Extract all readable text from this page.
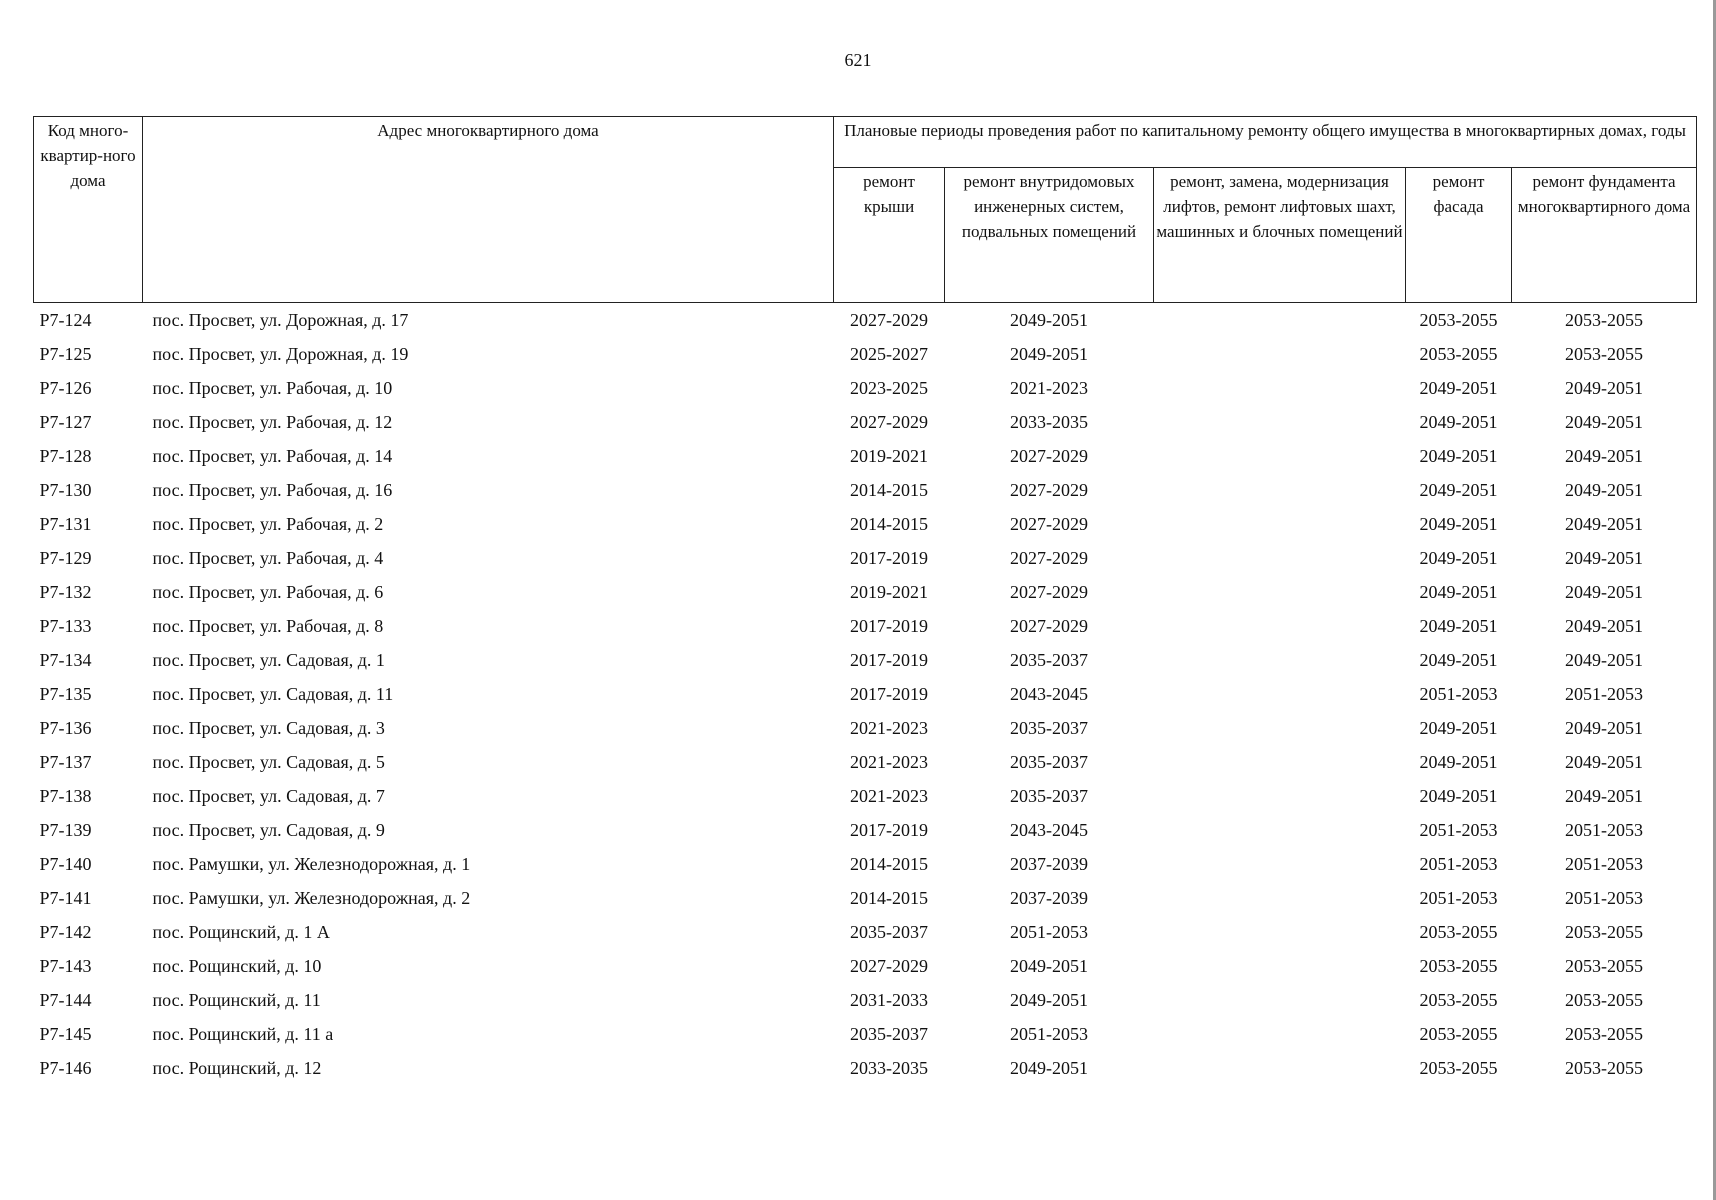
621
Код много-квартир-ного дома	Адрес многоквартирного дома	Плановые периоды проведения работ по капитальному ремонту общего имущества в многоквартирных домах, годы				
		ремонт крыши	ремонт внутридомовых инженерных систем, подвальных помещений	ремонт, замена, модернизация лифтов, ремонт лифтовых шахт, машинных и блочных помещений	ремонт фасада	ремонт фундамента многоквартирного дома
P7-124	пос. Просвет, ул. Дорожная, д. 17	2027-2029	2049-2051		2053-2055	2053-2055
P7-125	пос. Просвет, ул. Дорожная, д. 19	2025-2027	2049-2051		2053-2055	2053-2055
P7-126	пос. Просвет, ул. Рабочая, д. 10	2023-2025	2021-2023		2049-2051	2049-2051
P7-127	пос. Просвет, ул. Рабочая, д. 12	2027-2029	2033-2035		2049-2051	2049-2051
P7-128	пос. Просвет, ул. Рабочая, д. 14	2019-2021	2027-2029		2049-2051	2049-2051
P7-130	пос. Просвет, ул. Рабочая, д. 16	2014-2015	2027-2029		2049-2051	2049-2051
P7-131	пос. Просвет, ул. Рабочая, д. 2	2014-2015	2027-2029		2049-2051	2049-2051
P7-129	пос. Просвет, ул. Рабочая, д. 4	2017-2019	2027-2029		2049-2051	2049-2051
P7-132	пос. Просвет, ул. Рабочая, д. 6	2019-2021	2027-2029		2049-2051	2049-2051
P7-133	пос. Просвет, ул. Рабочая, д. 8	2017-2019	2027-2029		2049-2051	2049-2051
P7-134	пос. Просвет, ул. Садовая, д. 1	2017-2019	2035-2037		2049-2051	2049-2051
P7-135	пос. Просвет, ул. Садовая, д. 11	2017-2019	2043-2045		2051-2053	2051-2053
P7-136	пос. Просвет, ул. Садовая, д. 3	2021-2023	2035-2037		2049-2051	2049-2051
P7-137	пос. Просвет, ул. Садовая, д. 5	2021-2023	2035-2037		2049-2051	2049-2051
P7-138	пос. Просвет, ул. Садовая, д. 7	2021-2023	2035-2037		2049-2051	2049-2051
P7-139	пос. Просвет, ул. Садовая, д. 9	2017-2019	2043-2045		2051-2053	2051-2053
P7-140	пос. Рамушки, ул. Железнодорожная, д. 1	2014-2015	2037-2039		2051-2053	2051-2053
P7-141	пос. Рамушки, ул. Железнодорожная, д. 2	2014-2015	2037-2039		2051-2053	2051-2053
P7-142	пос. Рощинский, д. 1 А	2035-2037	2051-2053		2053-2055	2053-2055
P7-143	пос. Рощинский, д. 10	2027-2029	2049-2051		2053-2055	2053-2055
P7-144	пос. Рощинский, д. 11	2031-2033	2049-2051		2053-2055	2053-2055
P7-145	пос. Рощинский, д. 11 а	2035-2037	2051-2053		2053-2055	2053-2055
P7-146	пос. Рощинский, д. 12	2033-2035	2049-2051		2053-2055	2053-2055
